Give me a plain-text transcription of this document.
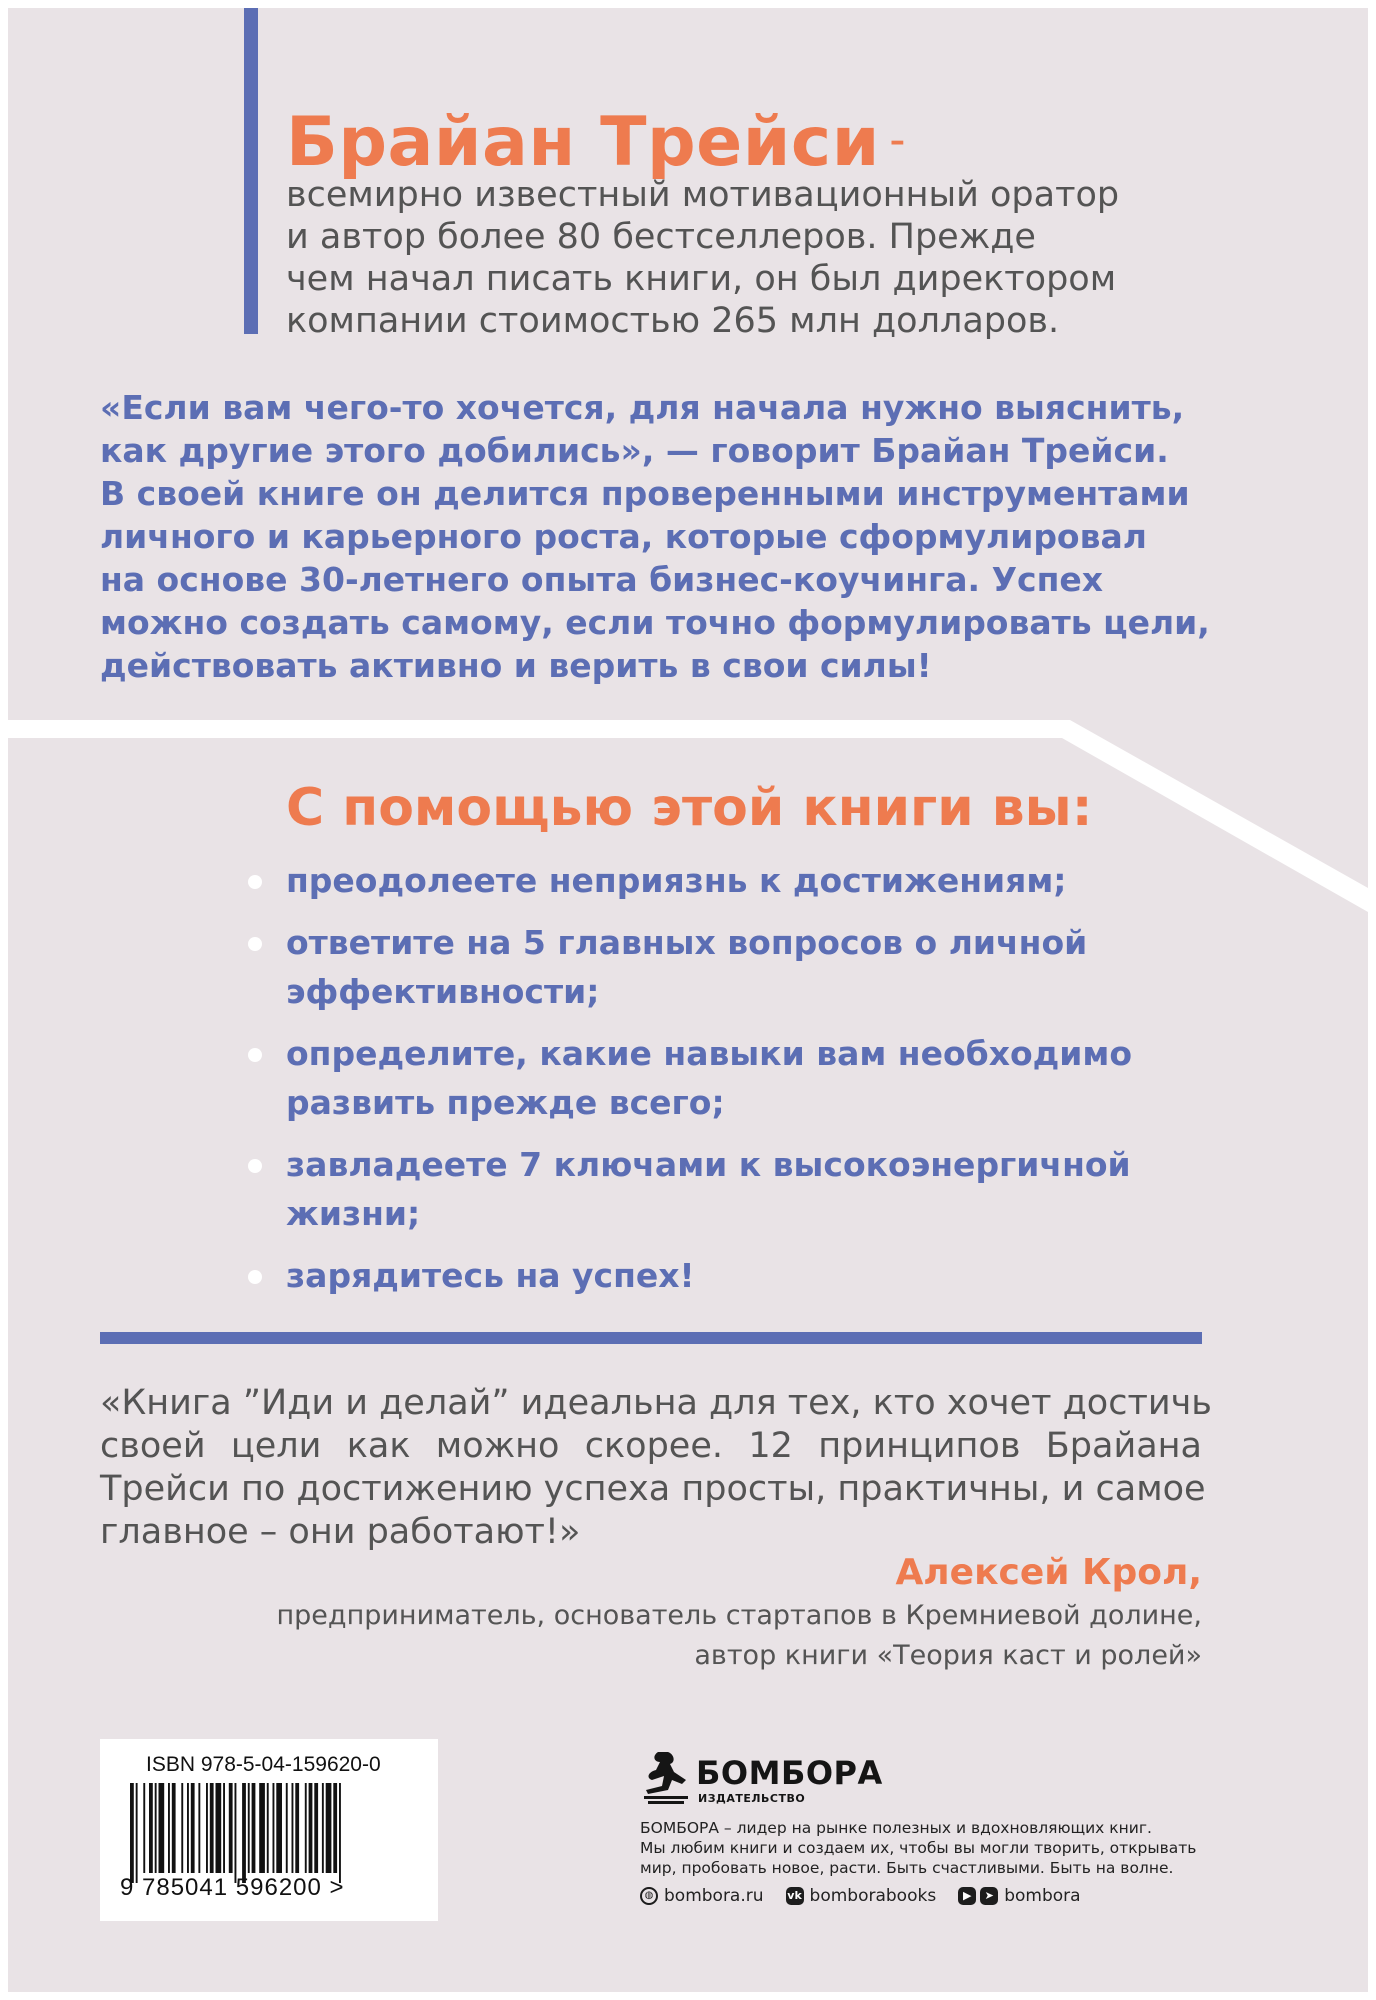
Брайан Трейси –

всемирно известный мотивационный оратор
и автор более 80 бестселлеров. Прежде
чем начал писать книги, он был директором
компании стоимостью 265 млн долларов.

«Если вам чего-то хочется, для начала нужно выяснить,
как другие этого добились», — говорит Брайан Трейси.
В своей книге он делится проверенными инструментами
личного и карьерного роста, которые сформулировал
на основе 30-летнего опыта бизнес-коучинга. Успех
можно создать самому, если точно формулировать цели,
действовать активно и верить в свои силы!

С помощью этой книги вы:
преодолеете неприязнь к достижениям;
ответите на 5 главных вопросов о личной
эффективности;
определите, какие навыки вам необходимо
развить прежде всего;
завладеете 7 ключами к высокоэнергичной
жизни;
зарядитесь на успех!

«Книга ”Иди и делай” идеальна для тех, кто хочет достичь
своей цели как можно скорее. 12 принципов Брайана
Трейси по достижению успеха просты, практичны, и самое
главное – они работают!»

Алексей Крол,

предприниматель, основатель стартапов в Кремниевой долине,
автор книги «Теория каст и ролей»

ISBN 978-5-04-159620-0

9 785041 596200 >

БОМБОРА

ИЗДАТЕЛЬСТВО

БОМБОРА – лидер на рынке полезных и вдохновляющих книг.
Мы любим книги и создаем их, чтобы вы могли творить, открывать
мир, пробовать новое, расти. Быть счастливыми. Быть на волне.

◍ bombora.ru vk bomborabooks	▶	➤ bombora
